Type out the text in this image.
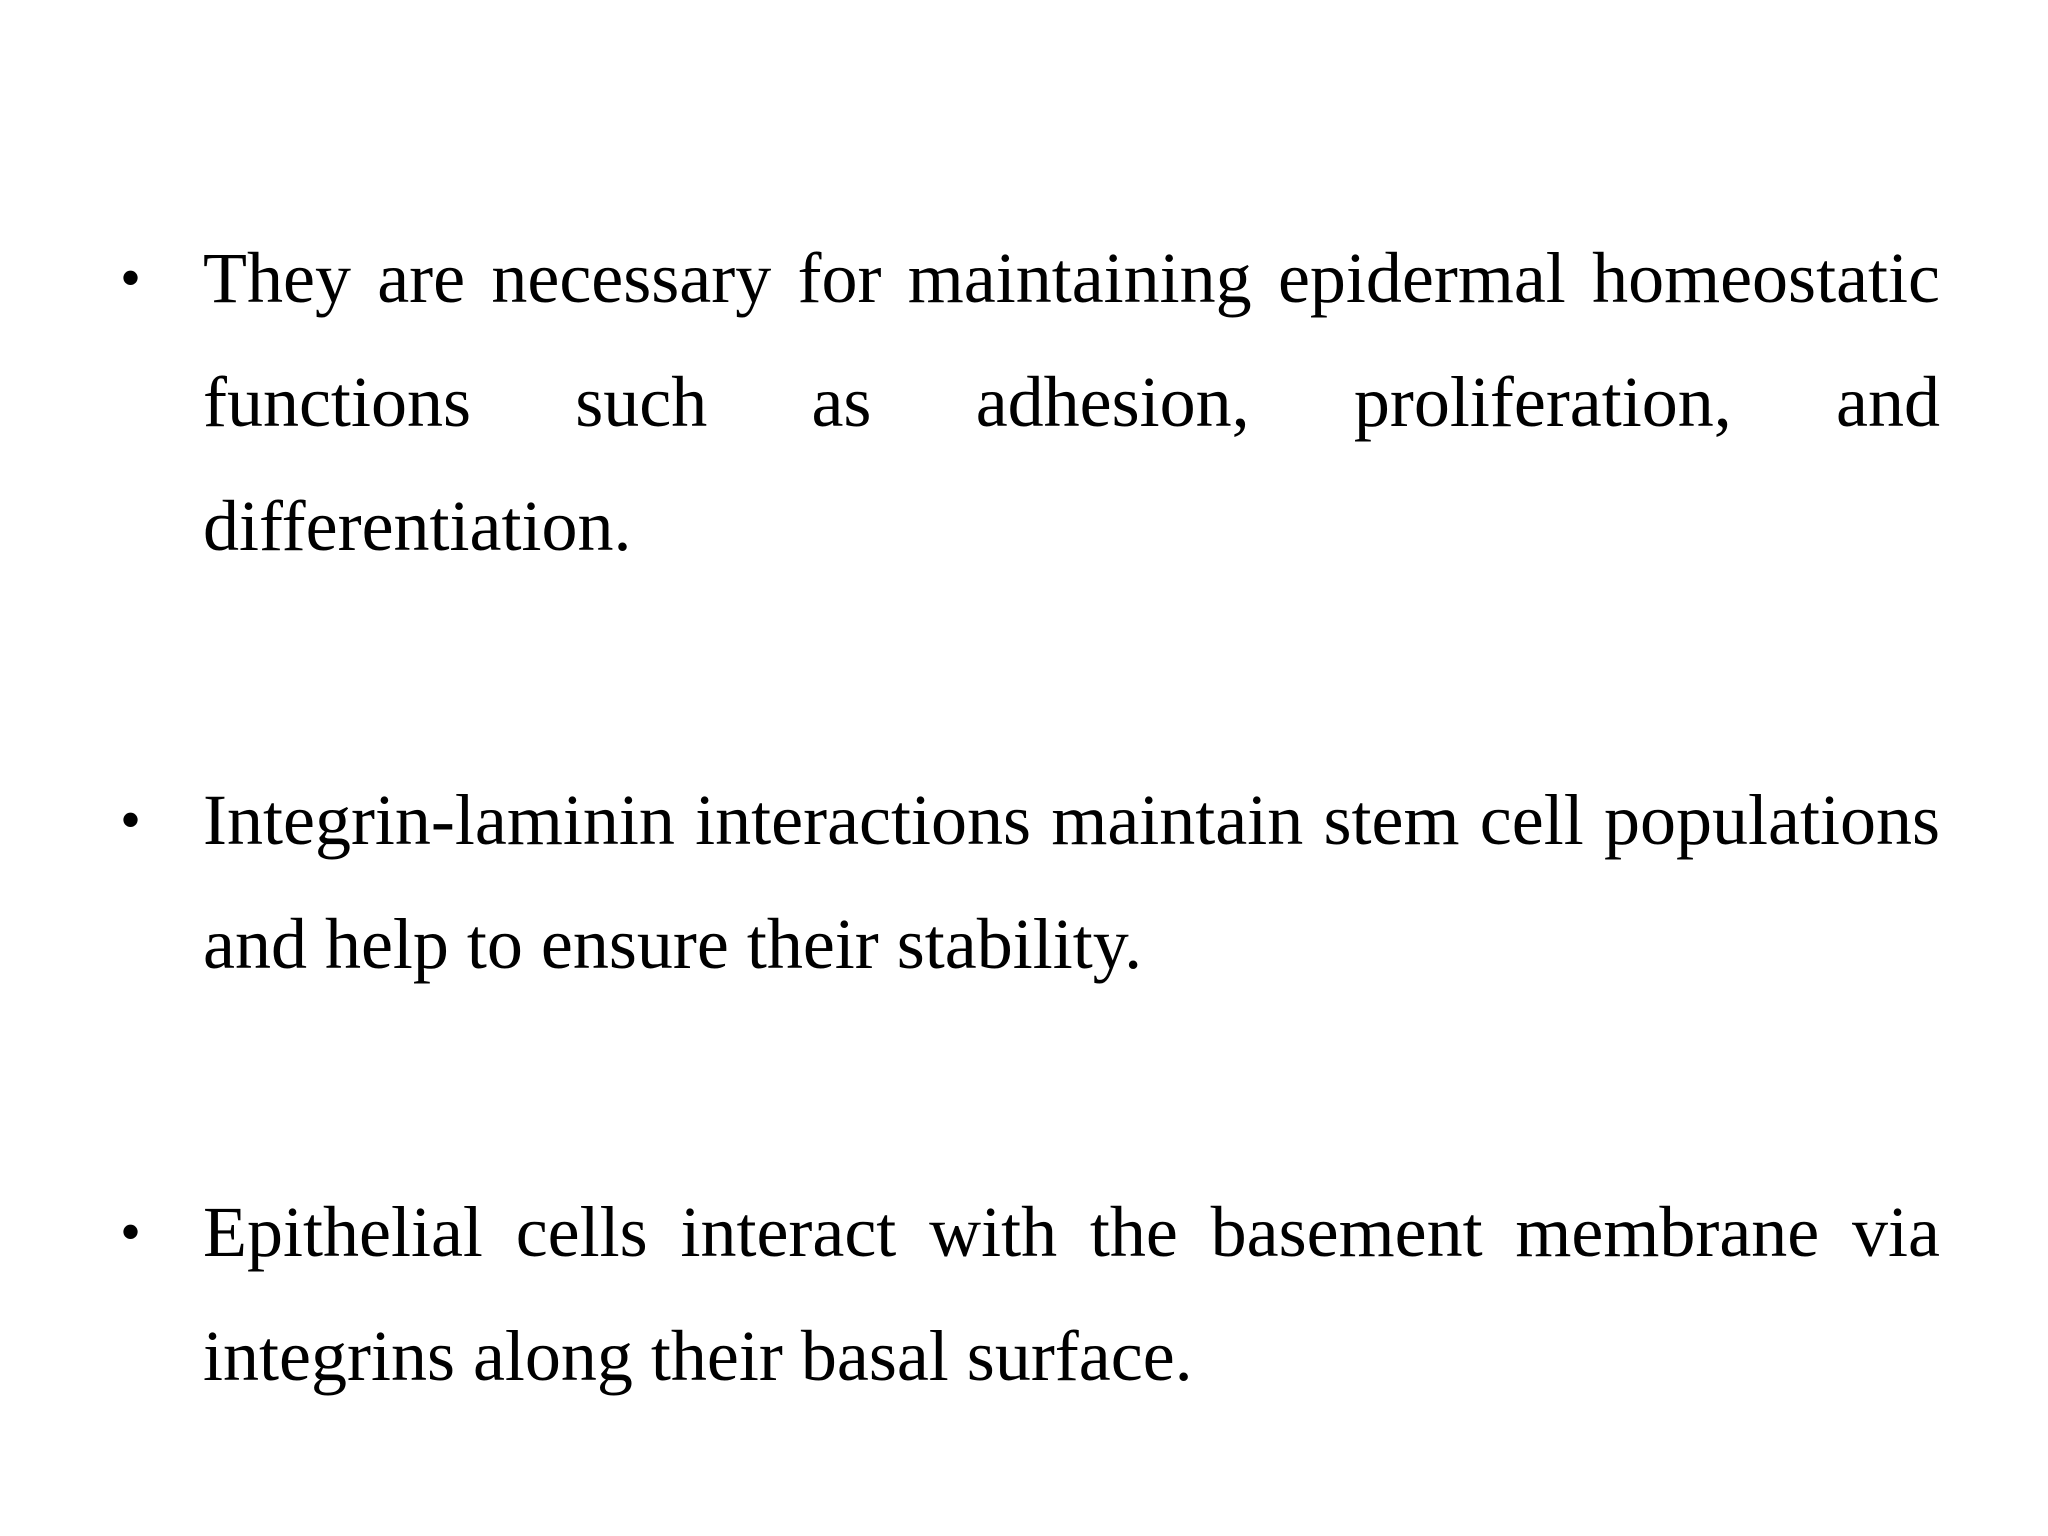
• They are necessary for maintaining epidermal homeostatic functions such as adhesion, proliferation, and differentiation.

• Integrin-laminin interactions maintain stem cell populations and help to ensure their stability.

• Epithelial cells interact with the basement membrane via integrins along their basal surface.
